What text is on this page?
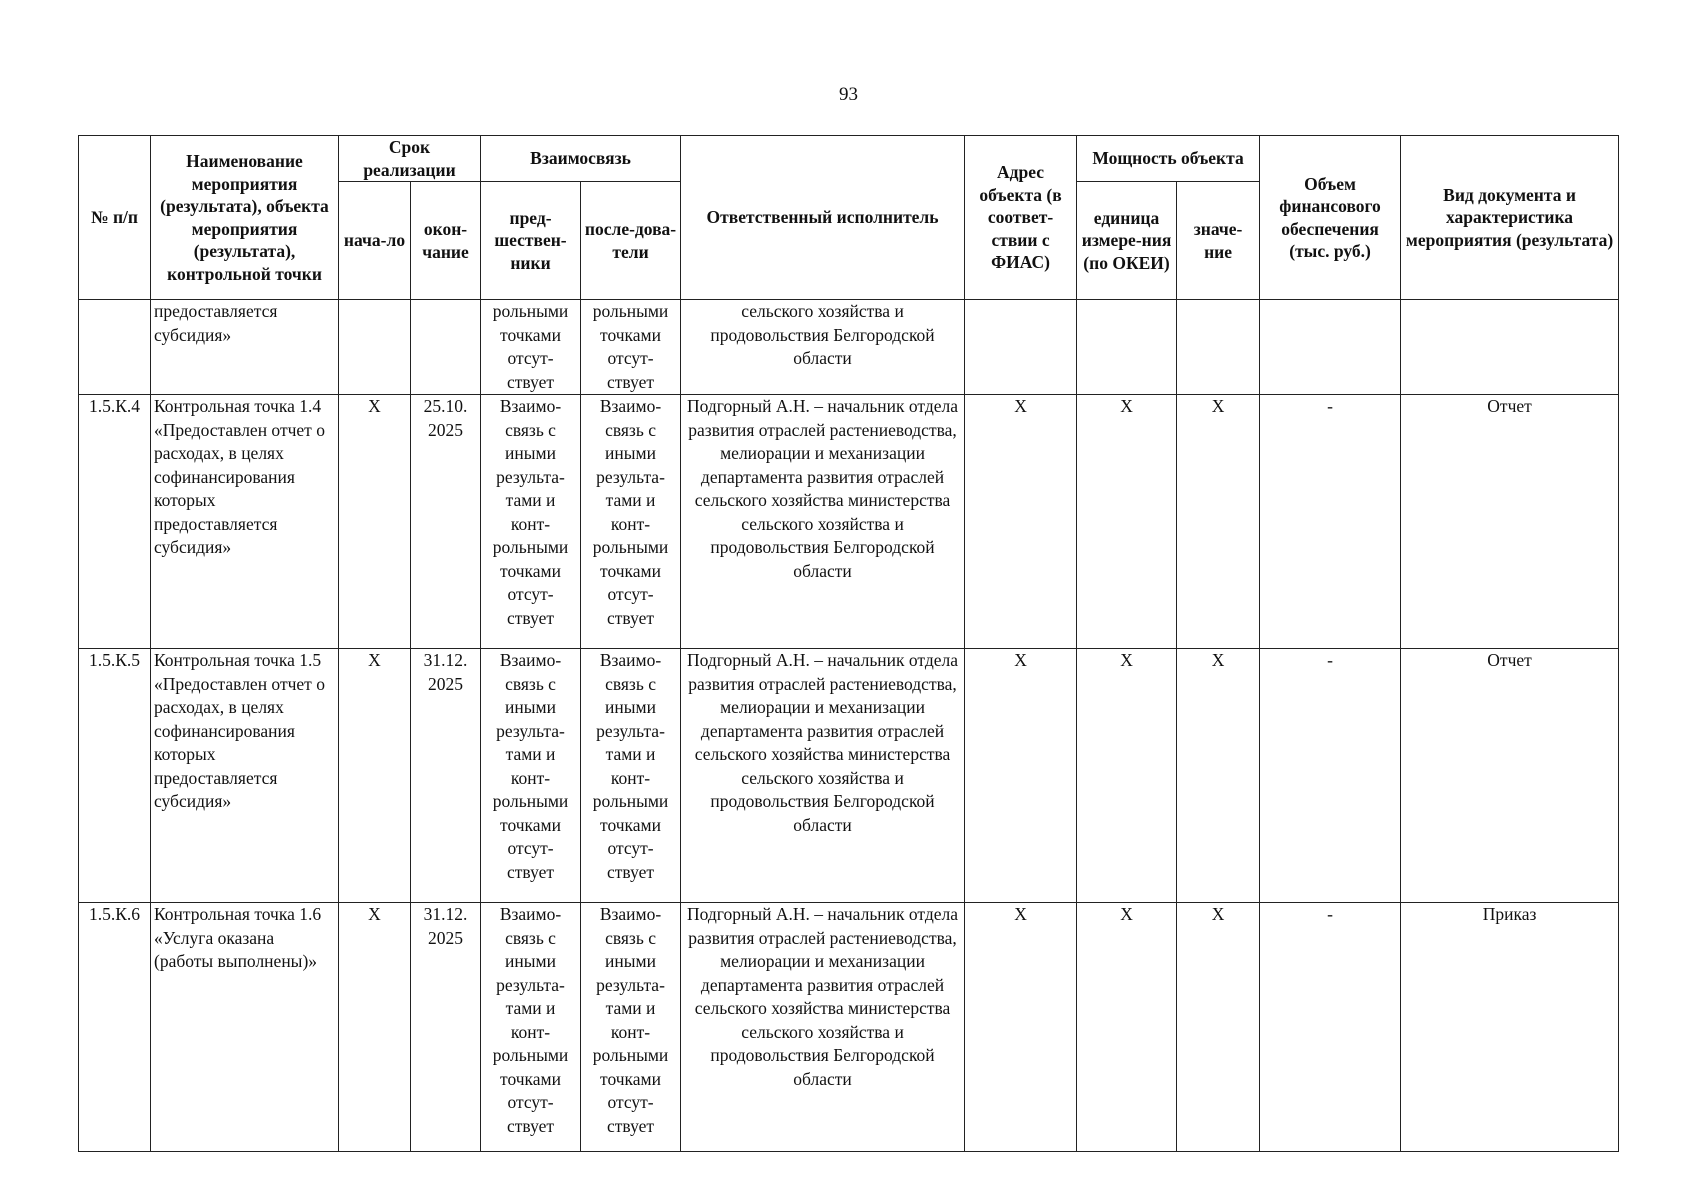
93
№ п/п	Наименование мероприятия (результата), объекта мероприятия (результата), контрольной точки	Срок реализации		Взаимосвязь		Ответственный исполнитель	Адрес объекта (в соответ-ствии с ФИАС)	Мощность объекта		Объем финансового обеспечения (тыс. руб.)	Вид документа и характеристика мероприятия (результата)
		нача-ло	окон-чание	пред-шествен-ники	после-дова-тели			единица измере-ния (по ОКЕИ)	значе-ние		
	предоставляется субсидия»			рольными точками отсут-ствует	рольными точками отсут-ствует	сельского хозяйства и продовольствия Белгородской области					
1.5.К.4	Контрольная точка 1.4 «Предоставлен отчет о расходах, в целях софинансирования которых предоставляется субсидия»	X	25.10. 2025	Взаимо-связь с иными результа-тами и конт-рольными точками отсут-ствует	Взаимо-связь с иными результа-тами и конт-рольными точками отсут-ствует	Подгорный А.Н. – начальник отдела развития отраслей растениеводства, мелиорации и механизации департамента развития отраслей сельского хозяйства министерства сельского хозяйства и продовольствия Белгородской области	X	X	X	-	Отчет
1.5.К.5	Контрольная точка 1.5 «Предоставлен отчет о расходах, в целях софинансирования которых предоставляется субсидия»	X	31.12. 2025	Взаимо-связь с иными результа-тами и конт-рольными точками отсут-ствует	Взаимо-связь с иными результа-тами и конт-рольными точками отсут-ствует	Подгорный А.Н. – начальник отдела развития отраслей растениеводства, мелиорации и механизации департамента развития отраслей сельского хозяйства министерства сельского хозяйства и продовольствия Белгородской области	X	X	X	-	Отчет
1.5.К.6	Контрольная точка 1.6 «Услуга оказана (работы выполнены)»	X	31.12. 2025	Взаимо-связь с иными результа-тами и конт-рольными точками отсут-ствует	Взаимо-связь с иными результа-тами и конт-рольными точками отсут-ствует	Подгорный А.Н. – начальник отдела развития отраслей растениеводства, мелиорации и механизации департамента развития отраслей сельского хозяйства министерства сельского хозяйства и продовольствия Белгородской области	X	X	X	-	Приказ
